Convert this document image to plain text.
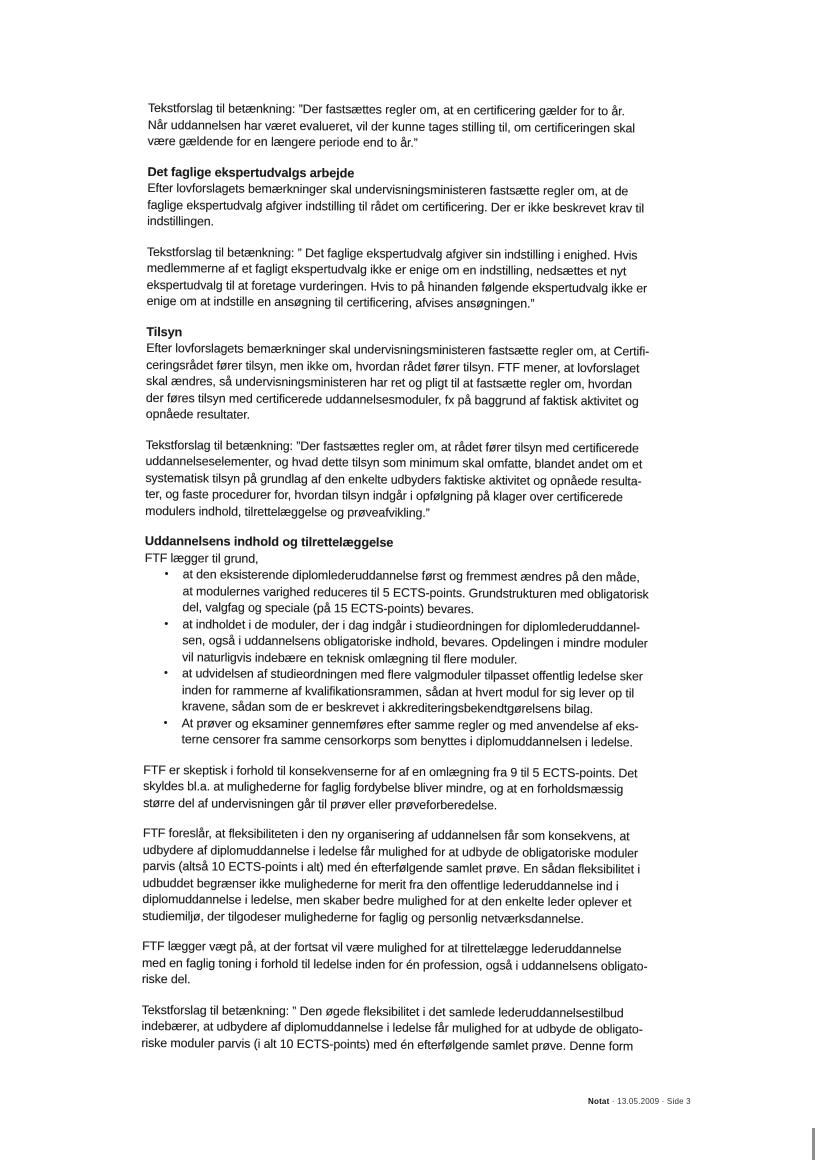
Tekstforslag til betænkning: ”Der fastsættes regler om, at en certificering gælder for to år.
Når uddannelsen har været evalueret, vil der kunne tages stilling til, om certificeringen skal
være gældende for en længere periode end to år.”

Det faglige ekspertudvalgs arbejde

Efter lovforslagets bemærkninger skal undervisningsministeren fastsætte regler om, at de
faglige ekspertudvalg afgiver indstilling til rådet om certificering. Der er ikke beskrevet krav til
indstillingen.

Tekstforslag til betænkning: ” Det faglige ekspertudvalg afgiver sin indstilling i enighed. Hvis
medlemmerne af et fagligt ekspertudvalg ikke er enige om en indstilling, nedsættes et nyt
ekspertudvalg til at foretage vurderingen. Hvis to på hinanden følgende ekspertudvalg ikke er
enige om at indstille en ansøgning til certificering, afvises ansøgningen.”

Tilsyn

Efter lovforslagets bemærkninger skal undervisningsministeren fastsætte regler om, at Certifi-
ceringsrådet fører tilsyn, men ikke om, hvordan rådet fører tilsyn. FTF mener, at lovforslaget
skal ændres, så undervisningsministeren har ret og pligt til at fastsætte regler om, hvordan
der føres tilsyn med certificerede uddannelsesmoduler, fx på baggrund af faktisk aktivitet og
opnåede resultater.

Tekstforslag til betænkning: ”Der fastsættes regler om, at rådet fører tilsyn med certificerede
uddannelseselementer, og hvad dette tilsyn som minimum skal omfatte, blandet andet om et
systematisk tilsyn på grundlag af den enkelte udbyders faktiske aktivitet og opnåede resulta-
ter, og faste procedurer for, hvordan tilsyn indgår i opfølgning på klager over certificerede
modulers indhold, tilrettelæggelse og prøveafvikling.”

Uddannelsens indhold og tilrettelæggelse

FTF lægger til grund,

•	at den eksisterende diplomlederuddannelse først og fremmest ændres på den måde,
at modulernes varighed reduceres til 5 ECTS-points. Grundstrukturen med obligatorisk
del, valgfag og speciale (på 15 ECTS-points) bevares.
•	at indholdet i de moduler, der i dag indgår i studieordningen for diplomlederuddannel-
sen, også i uddannelsens obligatoriske indhold, bevares. Opdelingen i mindre moduler
vil naturligvis indebære en teknisk omlægning til flere moduler.
•	at udvidelsen af studieordningen med flere valgmoduler tilpasset offentlig ledelse sker
inden for rammerne af kvalifikationsrammen, sådan at hvert modul for sig lever op til
kravene, sådan som de er beskrevet i akkrediteringsbekendtgørelsens bilag.
•	At prøver og eksaminer gennemføres efter samme regler og med anvendelse af eks-
terne censorer fra samme censorkorps som benyttes i diplomuddannelsen i ledelse.

FTF er skeptisk i forhold til konsekvenserne for af en omlægning fra 9 til 5 ECTS-points. Det
skyldes bl.a. at mulighederne for faglig fordybelse bliver mindre, og at en forholdsmæssig
større del af undervisningen går til prøver eller prøveforberedelse.

FTF foreslår, at fleksibiliteten i den ny organisering af uddannelsen får som konsekvens, at
udbydere af diplomuddannelse i ledelse får mulighed for at udbyde de obligatoriske moduler
parvis (altså 10 ECTS-points i alt) med én efterfølgende samlet prøve. En sådan fleksibilitet i
udbuddet begrænser ikke mulighederne for merit fra den offentlige lederuddannelse ind i
diplomuddannelse i ledelse, men skaber bedre mulighed for at den enkelte leder oplever et
studiemiljø, der tilgodeser mulighederne for faglig og personlig netværksdannelse.

FTF lægger vægt på, at der fortsat vil være mulighed for at tilrettelægge lederuddannelse
med en faglig toning i forhold til ledelse inden for én profession, også i uddannelsens obligato-
riske del.

Tekstforslag til betænkning: ” Den øgede fleksibilitet i det samlede lederuddannelsestilbud
indebærer, at udbydere af diplomuddannelse i ledelse får mulighed for at udbyde de obligato-
riske moduler parvis (i alt 10 ECTS-points) med én efterfølgende samlet prøve. Denne form

Notat · 13.05.2009 · Side 3
